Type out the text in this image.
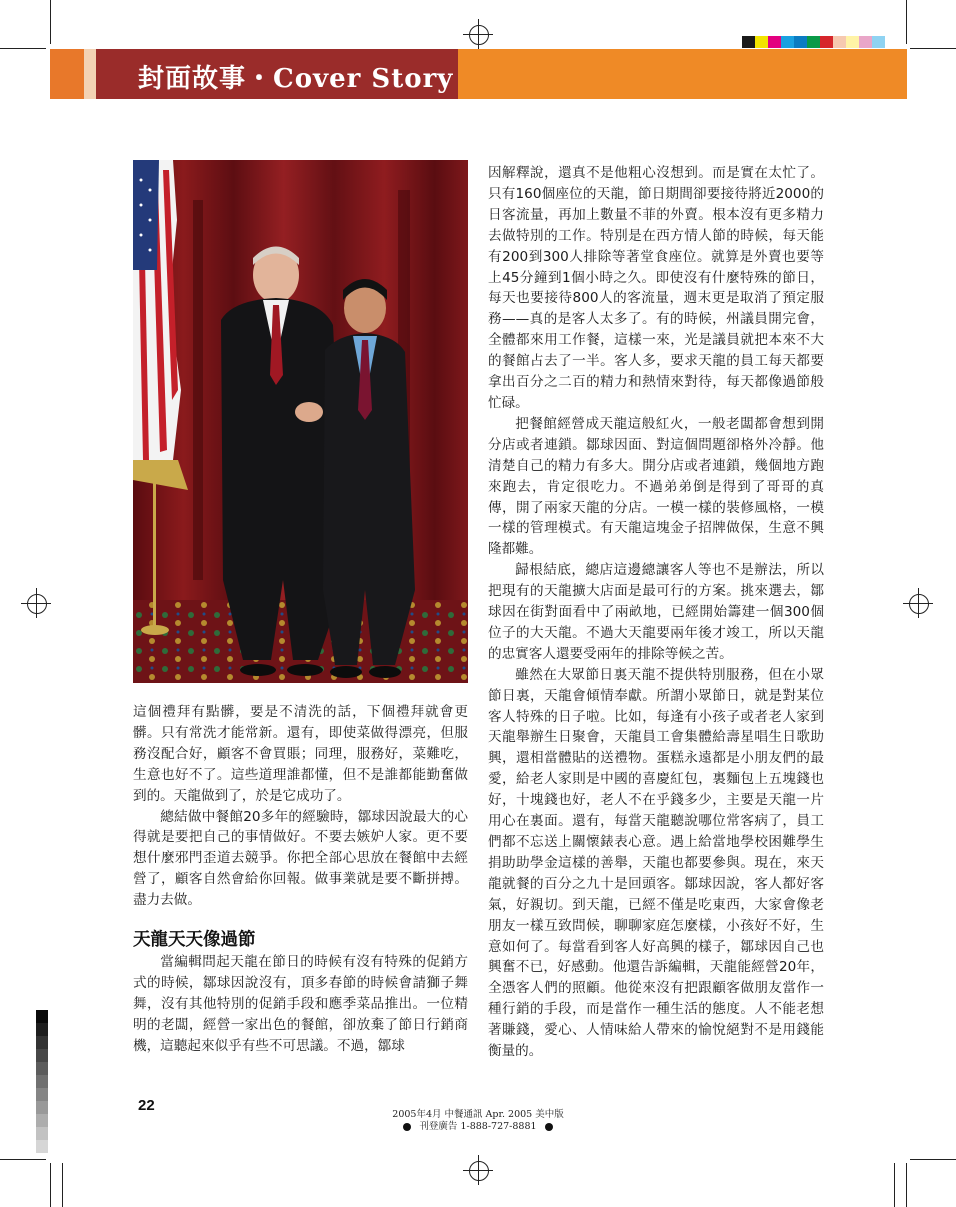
封面故事・Cover Story

這個禮拜有點髒，要是不清洗的話，下個禮拜就會更髒。只有常洗才能常新。還有，即使菜做得漂亮，但服務沒配合好，顧客不會買賬；同理，服務好，菜難吃，生意也好不了。這些道理誰都懂，但不是誰都能勤奮做到的。天龍做到了，於是它成功了。

總結做中餐館20多年的經驗時，鄒球因說最大的心得就是要把自己的事情做好。不要去嫉妒人家。更不要想什麼邪門歪道去競爭。你把全部心思放在餐館中去經營了，顧客自然會給你回報。做事業就是要不斷拼搏。盡力去做。

天龍天天像過節

當編輯問起天龍在節日的時候有沒有特殊的促銷方式的時候，鄒球因說沒有，頂多春節的時候會請獅子舞舞，沒有其他特別的促銷手段和應季菜品推出。一位精明的老闆，經營一家出色的餐館，卻放棄了節日行銷商機，這聽起來似乎有些不可思議。不過，鄒球

因解釋說，還真不是他粗心沒想到。而是實在太忙了。只有160個座位的天龍，節日期間卻要接待將近2000的日客流量，再加上數量不菲的外賣。根本沒有更多精力去做特別的工作。特別是在西方情人節的時候，每天能有200到300人排除等著堂食座位。就算是外賣也要等上45分鐘到1個小時之久。即使沒有什麼特殊的節日，每天也要接待800人的客流量，週末更是取消了預定服務——真的是客人太多了。有的時候，州議員開完會，全體都來用工作餐，這樣一來，光是議員就把本來不大的餐館占去了一半。客人多，要求天龍的員工每天都要拿出百分之二百的精力和熱情來對待，每天都像過節般忙碌。

把餐館經營成天龍這般紅火，一般老闆都會想到開分店或者連鎖。鄒球因面、對這個問題卻格外冷靜。他清楚自己的精力有多大。開分店或者連鎖，幾個地方跑來跑去，肯定很吃力。不過弟弟倒是得到了哥哥的真傳，開了兩家天龍的分店。一模一樣的裝修風格，一模一樣的管理模式。有天龍這塊金子招牌做保，生意不興隆都難。

歸根結底，總店這邊總讓客人等也不是辦法，所以把現有的天龍擴大店面是最可行的方案。挑來選去，鄒球因在街對面看中了兩畝地，已經開始籌建一個300個位子的大天龍。不過大天龍要兩年後才竣工，所以天龍的忠實客人還要受兩年的排除等候之苦。

雖然在大眾節日裏天龍不提供特別服務，但在小眾節日裏，天龍會傾情奉獻。所謂小眾節日，就是對某位客人特殊的日子啦。比如，每逢有小孩子或者老人家到天龍舉辦生日聚會，天龍員工會集體給壽星唱生日歌助興，還相當體貼的送禮物。蛋糕永遠都是小朋友們的最愛，給老人家則是中國的喜慶紅包，裏麵包上五塊錢也好，十塊錢也好，老人不在乎錢多少，主要是天龍一片用心在裏面。還有，每當天龍聽說哪位常客病了，員工們都不忘送上關懷錶表心意。遇上給當地學校困難學生捐助助學金這樣的善舉，天龍也都要參與。現在，來天龍就餐的百分之九十是回頭客。鄒球因說，客人都好客氣，好親切。到天龍，已經不僅是吃東西，大家會像老朋友一樣互致問候，聊聊家庭怎麼樣，小孩好不好，生意如何了。每當看到客人好高興的樣子，鄒球因自己也興奮不已，好感動。他還告訴編輯，天龍能經營20年，全憑客人們的照顧。他從來沒有把跟顧客做朋友當作一種行銷的手段，而是當作一種生活的態度。人不能老想著賺錢，愛心、人情味給人帶來的愉悅絕對不是用錢能衡量的。

22
2005年4月 中餐通訊 Apr. 2005 美中版
刊登廣告 1-888-727-8881
